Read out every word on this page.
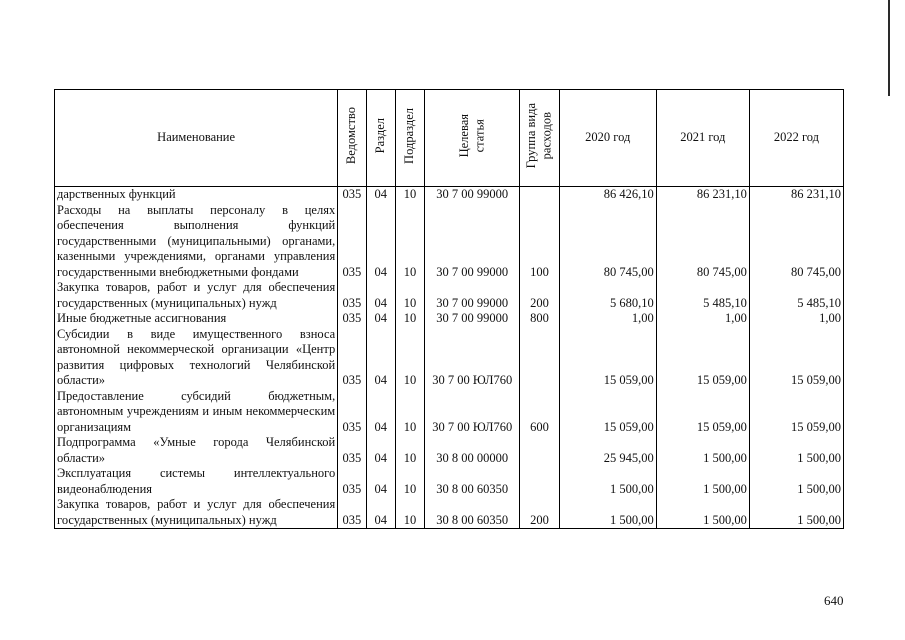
Наименование	Ведомство	Раздел	Подраздел	Целевая статья	Группа вида расходов	2020 год	2021 год	2022 год
дарственных функций	035	04	10	30 7 00 99000		86 426,10	86 231,10	86 231,10
Расходы на выплаты персоналу в целях обеспечения выполнения функций государственными (муниципальными) органами, казенными учреждениями, органами управления государственными внебюджетными фондами	035	04	10	30 7 00 99000	100	80 745,00	80 745,00	80 745,00
Закупка товаров, работ и услуг для обеспечения государственных (муниципальных) нужд	035	04	10	30 7 00 99000	200	5 680,10	5 485,10	5 485,10
Иные бюджетные ассигнования	035	04	10	30 7 00 99000	800	1,00	1,00	1,00
Субсидии в виде имущественного взноса автономной некоммерческой организации «Центр развития цифровых технологий Челябинской области»	035	04	10	30 7 00 ЮЛ760		15 059,00	15 059,00	15 059,00
Предоставление субсидий бюджетным, автономным учреждениям и иным некоммерческим организациям	035	04	10	30 7 00 ЮЛ760	600	15 059,00	15 059,00	15 059,00
Подпрограмма «Умные города Челябинской области»	035	04	10	30 8 00 00000		25 945,00	1 500,00	1 500,00
Эксплуатация системы интеллектуального видеонаблюдения	035	04	10	30 8 00 60350		1 500,00	1 500,00	1 500,00
Закупка товаров, работ и услуг для обеспечения государственных (муниципальных) нужд	035	04	10	30 8 00 60350	200	1 500,00	1 500,00	1 500,00
640
